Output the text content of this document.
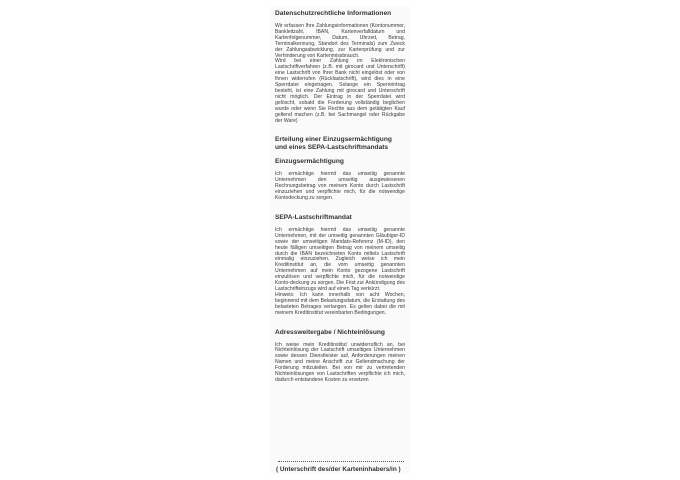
Datenschutzrechtliche Informationen

Wir erfassen Ihre Zahlungsinformationen (Kontonummer, Bankleitzahl, IBAN, Kartenverfalldatum und Kartenfolgenummer, Datum, Uhrzeit, Betrag, Terminalkennung, Standort des Terminals) zum Zweck der Zahlungsabwicklung, zur Kartenprüfung und zur Verhinderung von Kartenmissbrauch.

Wird bei einer Zahlung im Elektronischen Lastschriftverfahren (z.B. mit girocard und Unterschrift) eine Lastschrift von Ihrer Bank nicht eingelöst oder von Ihnen widerrufen (Rücklastschrift), wird dies in eine Sperrdatei eingetragen. Solange ein Sperreintrag besteht, ist eine Zahlung mit girocard und Unterschrift nicht möglich. Der Eintrag in der Sperrdatei wird gelöscht, sobald die Forderung vollständig beglichen wurde oder wenn Sie Rechte aus dem getätigten Kauf geltend machen (z.B. bei Sachmangel oder Rückgabe der Ware)

Erteilung einer Einzugsermächtigung und eines SEPA-Lastschriftmandats
Einzugsermächtigung

Ich ermächtige hiermit das umseitig genannte Unternehmen den umseitig ausgewiesenen Rechnungsbetrag von meinem Konto durch Lastschrift einzuziehen und verpflichte mich, für die notwendige Kontodeckung zu sorgen.

SEPA-Lastschriftmandat

Ich ermächtige hiermit das umseitig genannte Unternehmen, mit der umseitig genannten Gläubiger-ID sowie der umseitigen Mandats-Referenz (M-ID), den heute fälligen umseitigen Betrag von meinem umseitig durch die IBAN bezeichneten Konto mittels Lastschrift einmalig einzuziehen. Zugleich weise ich mein Kreditinstitut an, die vom umseitig genannten Unternehmen auf mein Konto gezogene Lastschrift einzulösen und verpflichte mich, für die notwendige Konto-deckung zu sorgen. Die Frist zur Ankündigung des Lastschrifteinzugs wird auf einen Tag verkürzt.

Hinweis: Ich kann innerhalb von acht Wochen, beginnend mit dem Belastungsdatum, die Erstattung des belasteten Betrages verlangen. Es gelten dabei die mit meinem Kreditinstitut vereinbarten Bedingungen.

Adressweitergabe / Nichteinlösung

Ich weise mein Kreditinstitut unwiderruflich an, bei Nichteinlösung der Lastschrift umseitiges Unternehmen sowie dessen Dienstleister auf, Anforderungen meinen Namen und meine Anschrift zur Geltendmachung der Forderung mitzuteilen. Bei von mir zu vertretenden Nichteinlösungen von Lastschriften verpflichte ich mich, dadurch entstandene Kosten zu ersetzen

( Unterschrift des/der Karteninhabers/in )
